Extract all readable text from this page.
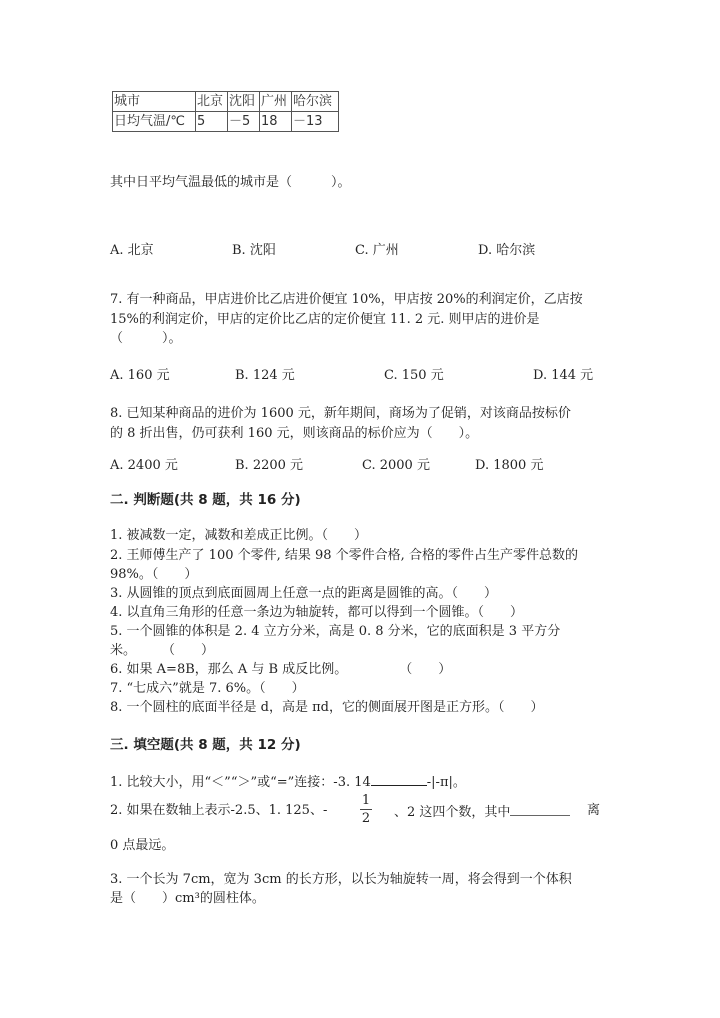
城市	北京	沈阳	广州	哈尔滨
日均气温/℃	5	－5	18	－13
其中日平均气温最低的城市是（　　　）。
A. 北京	B. 沈阳	C. 广州	D. 哈尔滨
7. 有一种商品，甲店进价比乙店进价便宜 10%，甲店按 20%的利润定价，乙店按
15%的利润定价，甲店的定价比乙店的定价便宜 11. 2 元. 则甲店的进价是
（　　　）。
A. 160 元	B. 124 元	C. 150 元	D. 144 元
8. 已知某种商品的进价为 1600 元，新年期间，商场为了促销，对该商品按标价
的 8 折出售，仍可获利 160 元，则该商品的标价应为（　　）。
A. 2400 元	B. 2200 元	C. 2000 元	D. 1800 元
二. 判断题(共 8 题，共 16 分)
1. 被减数一定，减数和差成正比例。（　　）
2. 王师傅生产了 100 个零件, 结果 98 个零件合格, 合格的零件占生产零件总数的
98%。（　　）
3. 从圆锥的顶点到底面圆周上任意一点的距离是圆锥的高。（　　）
4. 以直角三角形的任意一条边为轴旋转，都可以得到一个圆锥。（　　）
5. 一个圆锥的体积是 2. 4 立方分米，高是 0. 8 分米，它的底面积是 3 平方分
米。　　　（　　）
6. 如果 A=8B，那么 A 与 B 成反比例。　　　　　（　　）
7. “七成六”就是 7. 6%。（　　）
8. 一个圆柱的底面半径是 d，高是 πd，它的侧面展开图是正方形。（　　）
三. 填空题(共 8 题，共 12 分)
1. 比较大小，用“＜”“＞”或“=”连接：-3. 14	-|-π|。
2. 如果在数轴上表示-2.5、1. 125、-
1
2 、2 这四个数，其中	离
0 点最远。
3. 一个长为 7cm，宽为 3cm 的长方形，以长为轴旋转一周，将会得到一个体积
是（　　）cm³的圆柱体。
